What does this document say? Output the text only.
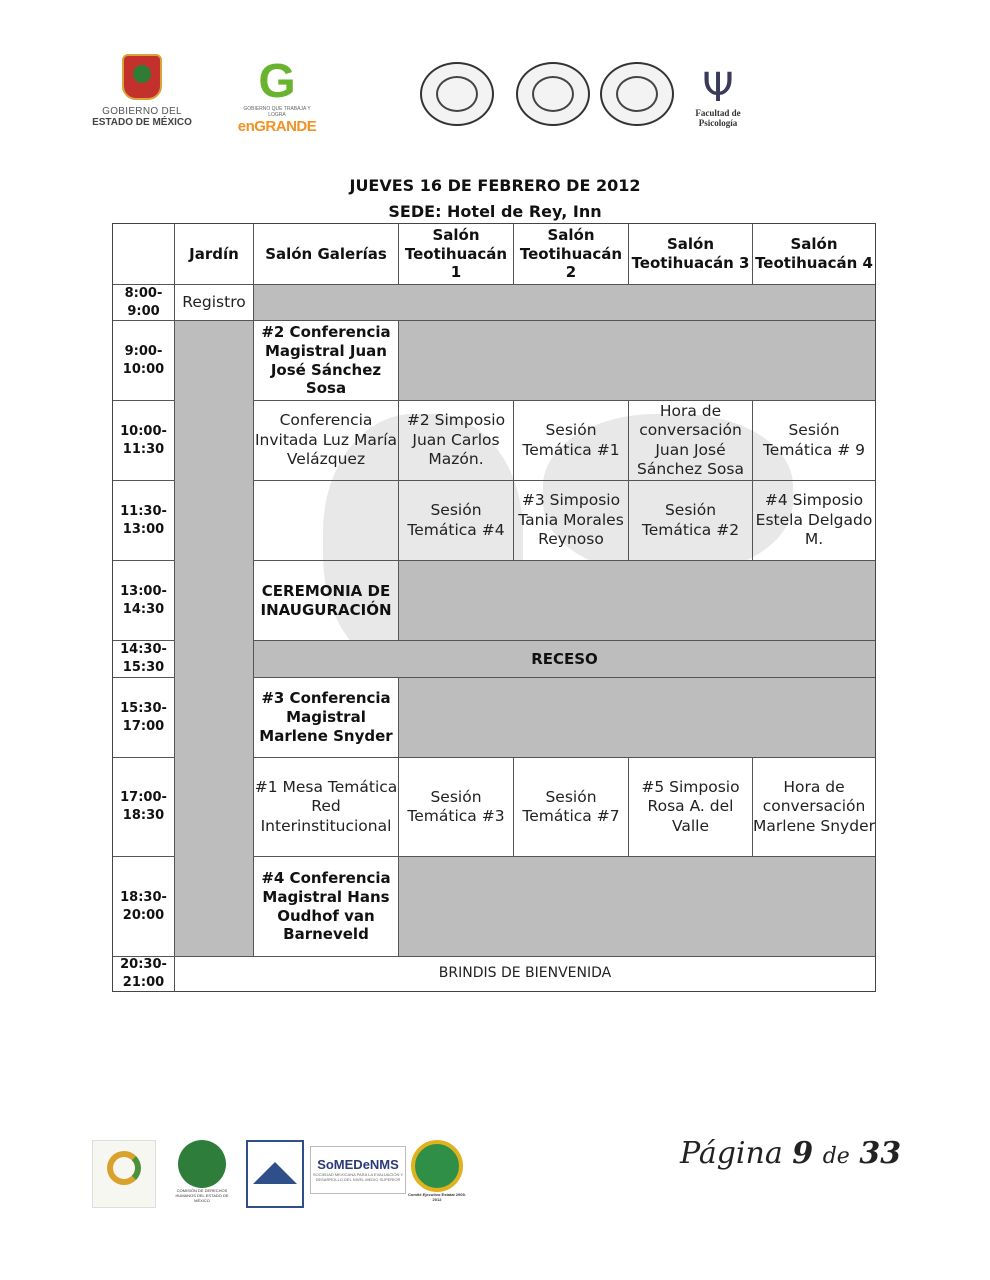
GOBIERNO DEL
ESTADO DE MÉXICO
G
GOBIERNO QUE TRABAJA Y LOGRA
enGRANDE
Ψ
Facultad de Psicología
JUEVES 16 DE FEBRERO DE 2012
SEDE: Hotel de Rey, Inn
Jardín	Salón Galerías
Salón Teotihuacán 1
Salón Teotihuacán 2
Salón Teotihuacán 3
Salón Teotihuacán 4
8:00-9:00
9:00-10:00
10:00-11:30
11:30-13:00
13:00-14:30
14:30-15:30
15:30-17:00
17:00-18:30
18:30-20:00
20:30-21:00
Registro
#2 Conferencia Magistral Juan José Sánchez Sosa
Conferencia Invitada Luz María Velázquez
#2 Simposio Juan Carlos Mazón.
Sesión Temática #1
Hora de conversación Juan José Sánchez Sosa
Sesión Temática # 9
Sesión Temática #4
#3 Simposio Tania Morales Reynoso
Sesión Temática #2
#4 Simposio Estela Delgado M.
CEREMONIA DE INAUGURACIÓN
RECESO
#3 Conferencia Magistral Marlene Snyder
#1 Mesa Temática Red Interinstitucional
Sesión Temática #3
Sesión Temática #7
#5 Simposio Rosa A. del Valle
Hora de conversación Marlene Snyder
#4 Conferencia Magistral Hans Oudhof van Barneveld
BRINDIS DE BIENVENIDA
COMISIÓN DE DERECHOS HUMANOS DEL ESTADO DE MÉXICO
SoMEDeNMS
SOCIEDAD MEXICANA PARA LA EVALUACIÓN Y DESARROLLO DEL NIVEL MEDIO SUPERIOR
Comité Ejecutivo Estatal 2009-2012
Página 9 de 33
